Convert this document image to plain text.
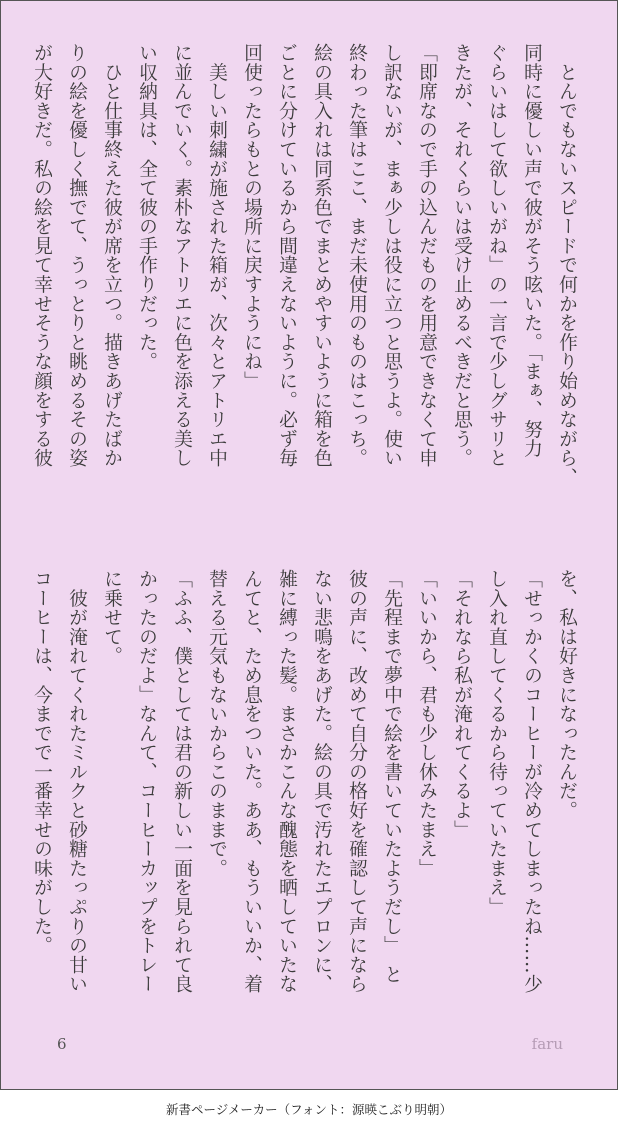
　とんでもないスピードで何かを作り始めながら、
同時に優しい声で彼がそう呟いた。「まぁ、努力
ぐらいはして欲しいがね」の一言で少しグサリと
きたが、それくらいは受け止めるべきだと思う。
「即席なので手の込んだものを用意できなくて申
し訳ないが、まぁ少しは役に立つと思うよ。使い
終わった筆はここ、まだ未使用のものはこっち。
絵の具入れは同系色でまとめやすいように箱を色
ごとに分けているから間違えないように。必ず毎
回使ったらもとの場所に戻すようにね」
　美しい刺繍が施された箱が、次々とアトリエ中
に並んでいく。素朴なアトリエに色を添える美し
い収納具は、全て彼の手作りだった。
　ひと仕事終えた彼が席を立つ。描きあげたばか
りの絵を優しく撫でて、うっとりと眺めるその姿
が大好きだ。私の絵を見て幸せそうな顔をする彼
を、私は好きになったんだ。
「せっかくのコーヒーが冷めてしまったね……少
し入れ直してくるから待っていたまえ」
「それなら私が淹れてくるよ」
「いいから、君も少し休みたまえ」
「先程まで夢中で絵を書いていたようだし」　と
彼の声に、改めて自分の格好を確認して声になら
ない悲鳴をあげた。絵の具で汚れたエプロンに、
雑に縛った髪。まさかこんな醜態を晒していたな
んてと、ため息をついた。ああ、もういいか、着
替える元気もないからこのままで。
「ふふ、僕としては君の新しい一面を見られて良
かったのだよ」なんて、コーヒーカップをトレー
に乗せて。
　彼が淹れてくれたミルクと砂糖たっぷりの甘い
コーヒーは、今までで一番幸せの味がした。
6	faru
新書ページメーカー（フォント：源暎こぶり明朝）
